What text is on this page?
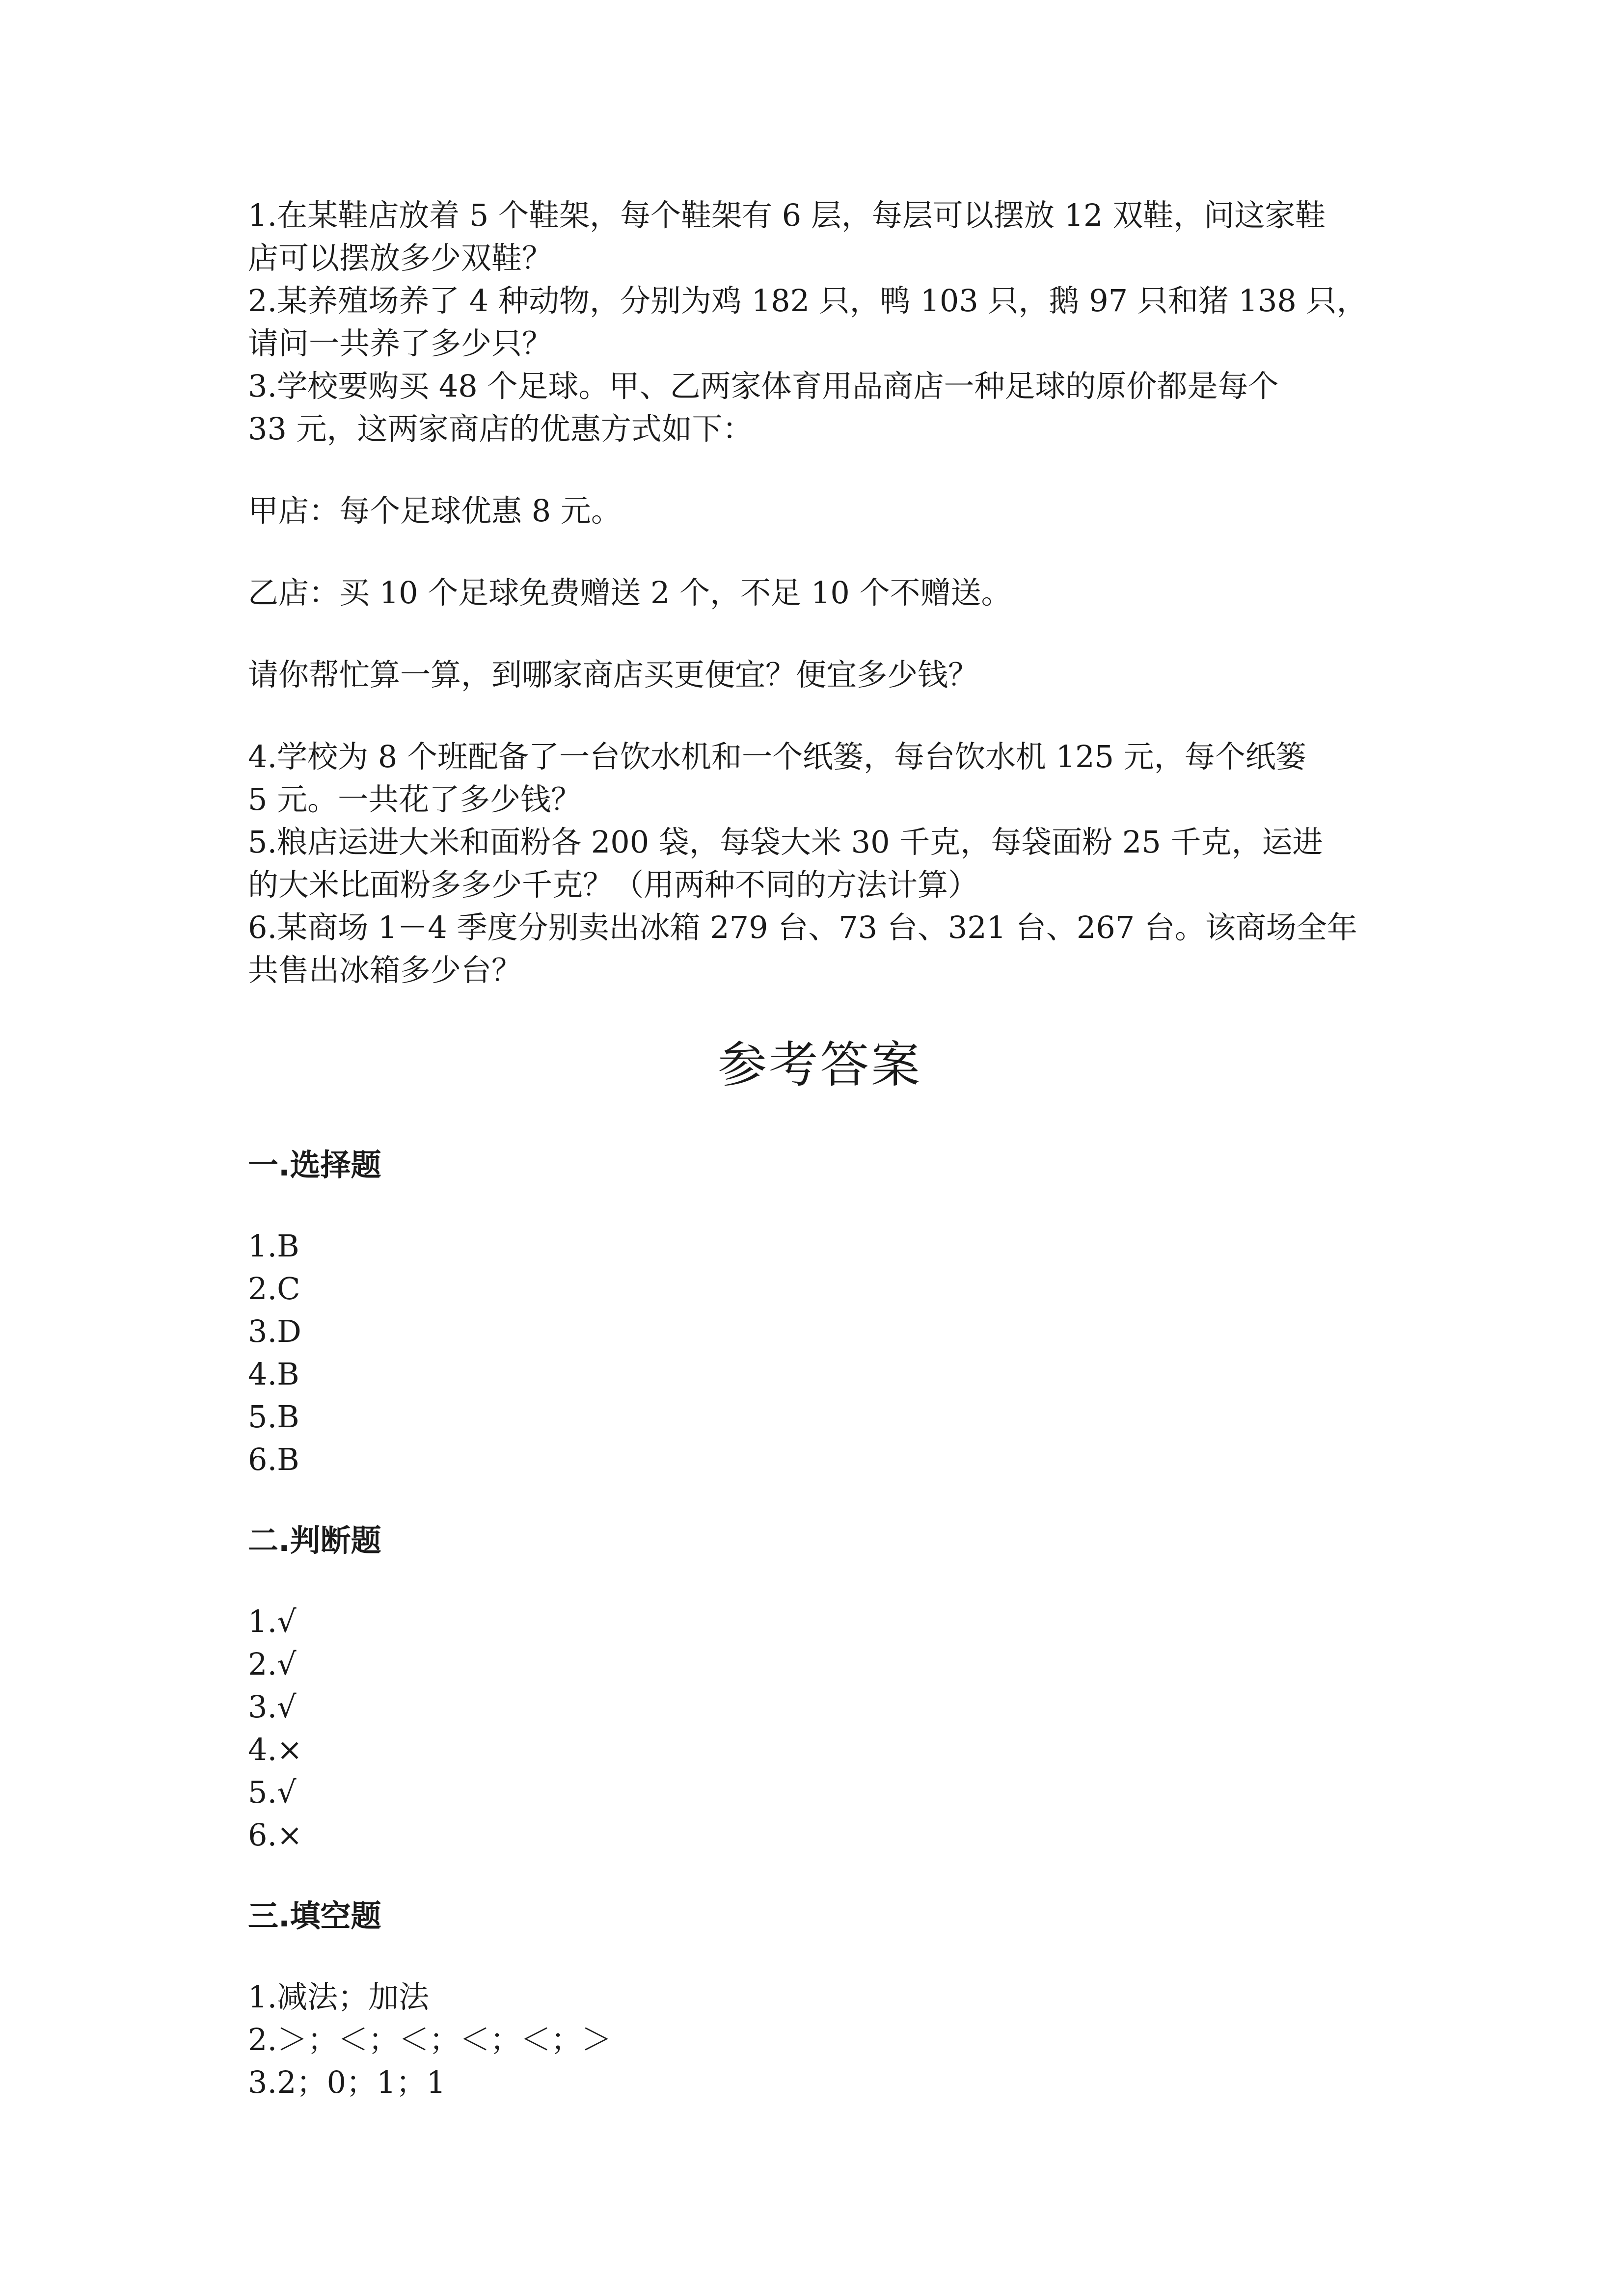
1.在某鞋店放着 5 个鞋架，每个鞋架有 6 层，每层可以摆放 12 双鞋，问这家鞋

店可以摆放多少双鞋？

2.某养殖场养了 4 种动物，分别为鸡 182 只，鸭 103 只，鹅 97 只和猪 138 只，

请问一共养了多少只？

3.学校要购买 48 个足球。甲、乙两家体育用品商店一种足球的原价都是每个

33 元，这两家商店的优惠方式如下：

甲店：每个足球优惠 8 元。

乙店：买 10 个足球免费赠送 2 个，不足 10 个不赠送。

请你帮忙算一算，到哪家商店买更便宜？便宜多少钱？

4.学校为 8 个班配备了一台饮水机和一个纸篓，每台饮水机 125 元，每个纸篓

5 元。一共花了多少钱？

5.粮店运进大米和面粉各 200 袋，每袋大米 30 千克，每袋面粉 25 千克，运进

的大米比面粉多多少千克？（用两种不同的方法计算）

6.某商场 1－4 季度分别卖出冰箱 279 台、73 台、321 台、267 台。该商场全年

共售出冰箱多少台？

参考答案

一.选择题

1.B

2.C

3.D

4.B

5.B

6.B

二.判断题

1.√

2.√

3.√

4.×

5.√

6.×

三.填空题

1.减法；加法

2.＞；＜；＜；＜；＜；＞

3.2；0；1；1
